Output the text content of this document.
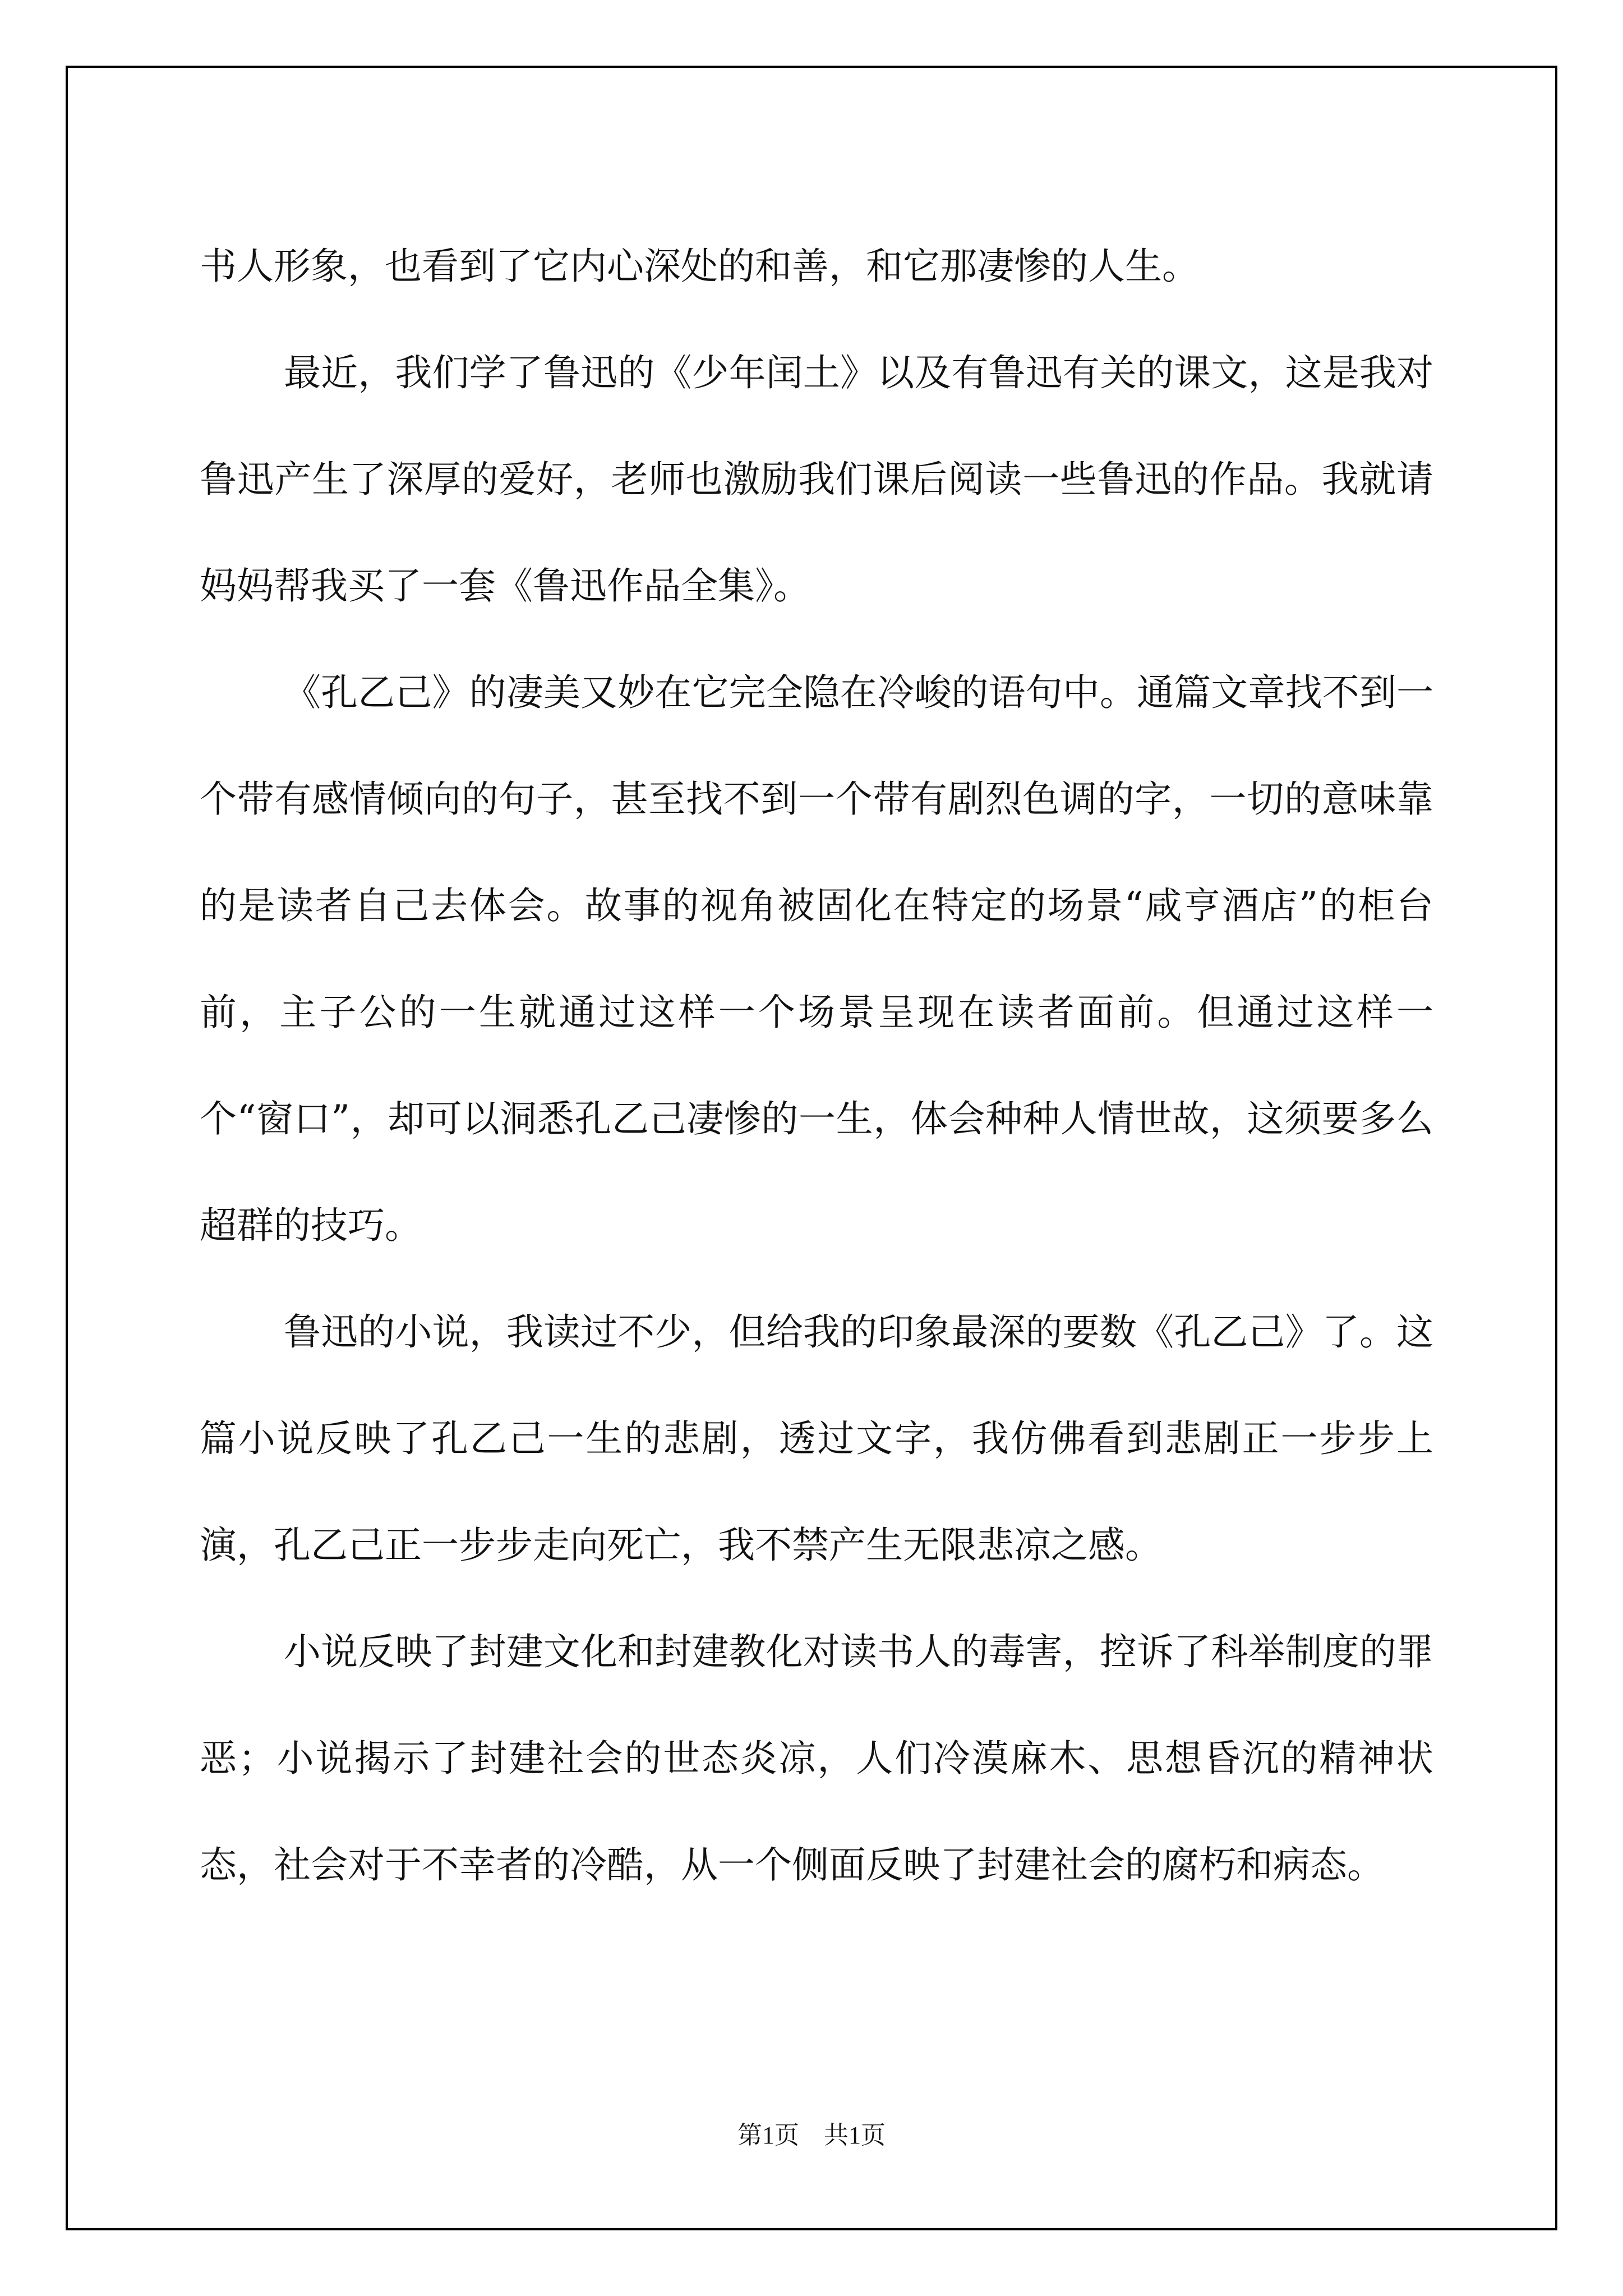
书人形象，也看到了它内心深处的和善，和它那凄惨的人生。

最近，我们学了鲁迅的《少年闰土》以及有鲁迅有关的课文，这是我对鲁迅产生了深厚的爱好，老师也激励我们课后阅读一些鲁迅的作品。我就请妈妈帮我买了一套《鲁迅作品全集》。

《孔乙己》的凄美又妙在它完全隐在冷峻的语句中。通篇文章找不到一个带有感情倾向的句子，甚至找不到一个带有剧烈色调的字，一切的意味靠的是读者自己去体会。故事的视角被固化在特定的场景“咸亨酒店”的柜台前，主子公的一生就通过这样一个场景呈现在读者面前。但通过这样一个“窗口”，却可以洞悉孔乙己凄惨的一生，体会种种人情世故，这须要多么超群的技巧。

鲁迅的小说，我读过不少，但给我的印象最深的要数《孔乙己》了。这篇小说反映了孔乙己一生的悲剧，透过文字，我仿佛看到悲剧正一步步上演，孔乙己正一步步走向死亡，我不禁产生无限悲凉之感。

小说反映了封建文化和封建教化对读书人的毒害，控诉了科举制度的罪恶；小说揭示了封建社会的世态炎凉，人们冷漠麻木、思想昏沉的精神状态，社会对于不幸者的冷酷，从一个侧面反映了封建社会的腐朽和病态。

第1页　共1页
